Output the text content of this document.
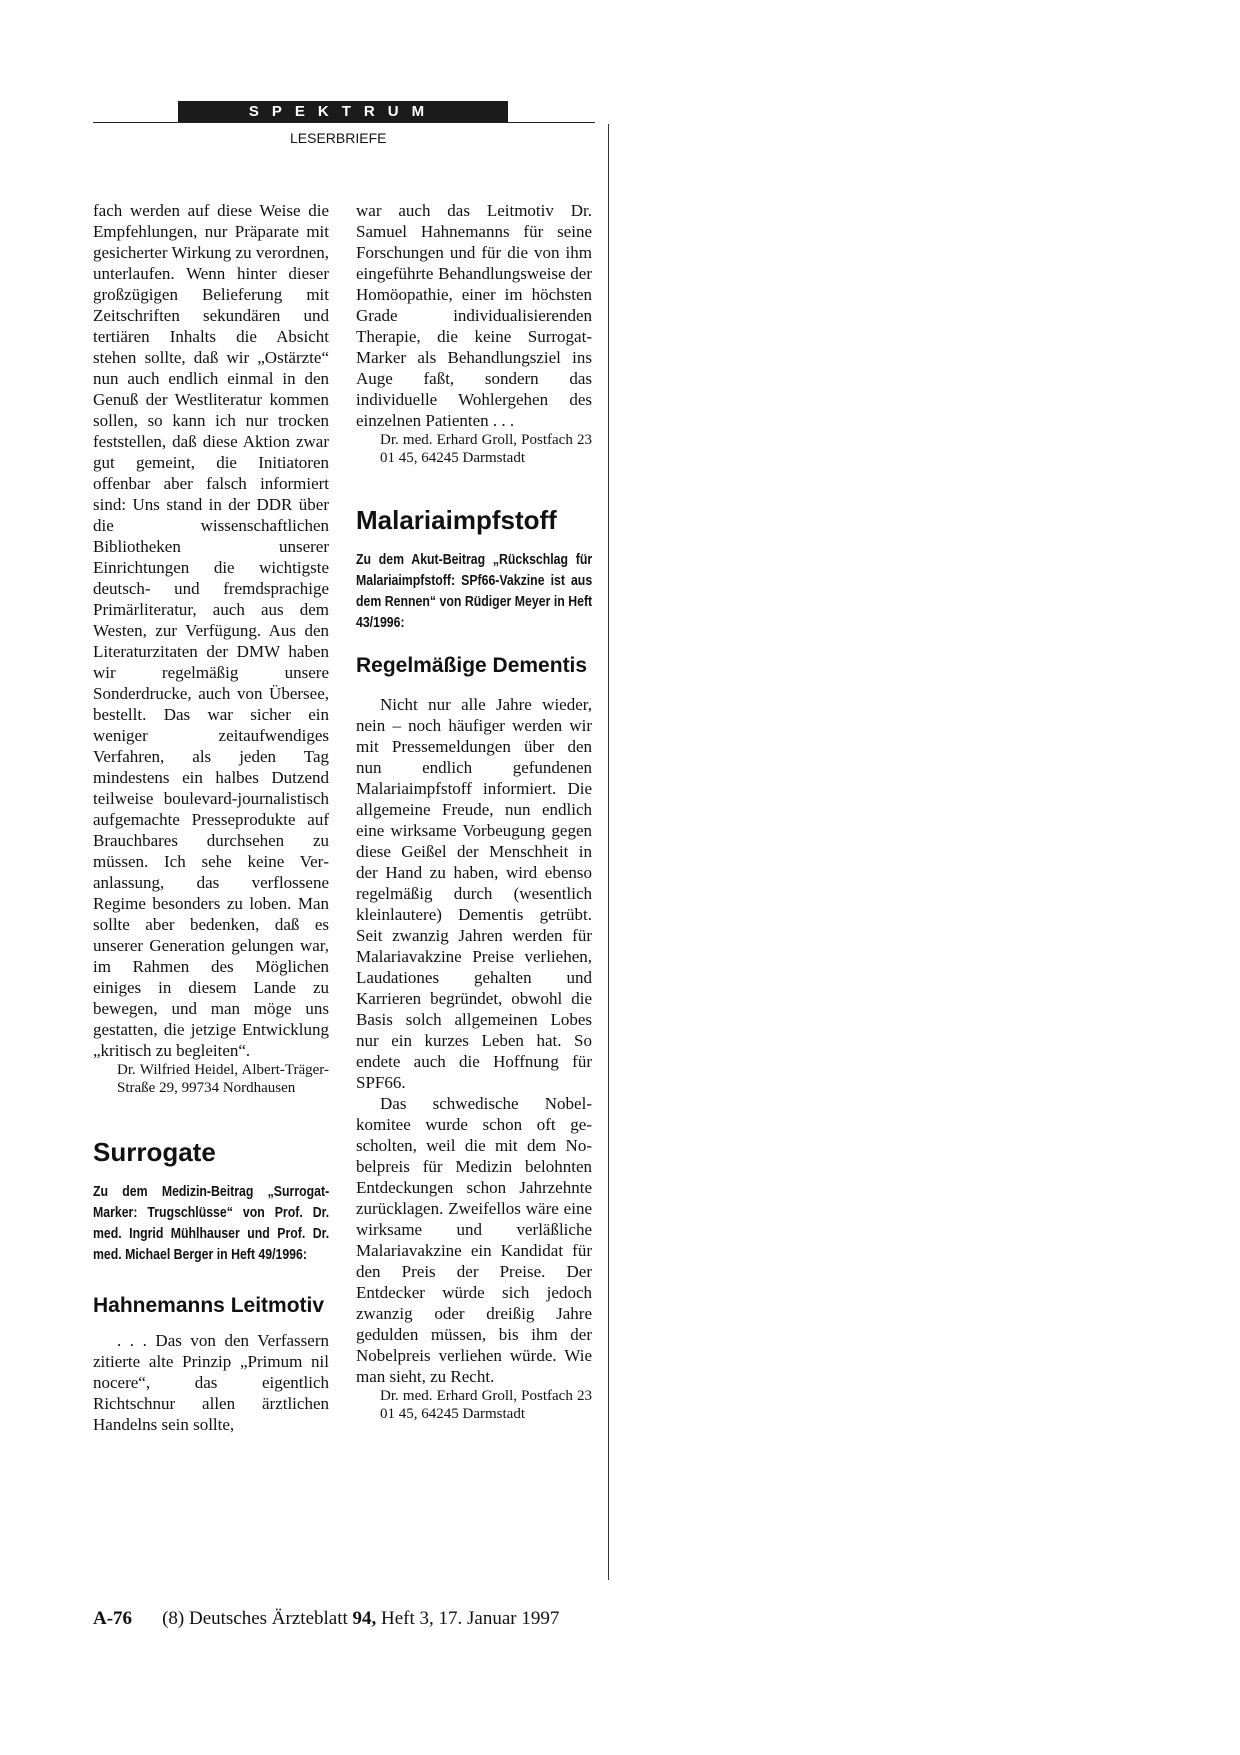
SPEKTRUM
LESERBRIEFE

fach werden auf diese Weise die Empfehlungen, nur Präparate mit gesicherter Wirkung zu verordnen, unterlaufen. Wenn hinter dieser großzügigen Belieferung mit Zeitschriften sekundären und tertiären Inhalts die Absicht stehen sollte, daß wir „Ostärzte“ nun auch endlich einmal in den Genuß der Westliteratur kommen sollen, so kann ich nur trocken feststellen, daß diese Aktion zwar gut gemeint, die Initiatoren offenbar aber falsch informiert sind: Uns stand in der DDR über die wissenschaftlichen Bibliotheken unserer Einrichtungen die wichtigste deutsch- und fremdsprachige Primärliteratur, auch aus dem Westen, zur Verfügung. Aus den Literaturzitaten der DMW haben wir regelmäßig unsere Sonderdrucke, auch von Übersee, bestellt. Das war sicher ein weniger zeitaufwendiges Verfahren, als jeden Tag mindestens ein halbes Dutzend teilweise boulevard-journalistisch aufgemachte Presseprodukte auf Brauchbares durchsehen zu müssen. Ich sehe keine Veranlassung, das verflossene Regime besonders zu loben. Man sollte aber bedenken, daß es unserer Generation gelungen war, im Rahmen des Möglichen einiges in diesem Lande zu bewegen, und man möge uns gestatten, die jetzige Entwicklung „kritisch zu begleiten“.

Dr. Wilfried Heidel, Albert-Träger-Straße 29, 99734 Nordhausen

Surrogate

Zu dem Medizin-Beitrag „Surrogat-Marker: Trugschlüsse“ von Prof. Dr. med. Ingrid Mühlhauser und Prof. Dr. med. Michael Berger in Heft 49/1996:

Hahnemanns Leitmotiv

. . . Das von den Verfassern zitierte alte Prinzip „Primum nil nocere“, das eigentlich Richtschnur allen ärztlichen Handelns sein sollte,

war auch das Leitmotiv Dr. Samuel Hahnemanns für seine Forschungen und für die von ihm eingeführte Behandlungsweise der Homöopathie, einer im höchsten Grade individualisierenden Therapie, die keine Surrogat-Marker als Behandlungsziel ins Auge faßt, sondern das individuelle Wohlergehen des einzelnen Patienten . . .

Dr. med. Erhard Groll, Postfach 23 01 45, 64245 Darmstadt

Malariaimpfstoff

Zu dem Akut-Beitrag „Rückschlag für Malariaimpfstoff: SPf66-Vakzine ist aus dem Rennen“ von Rüdiger Meyer in Heft 43/1996:

Regelmäßige Dementis

Nicht nur alle Jahre wieder, nein – noch häufiger werden wir mit Pressemeldungen über den nun endlich gefundenen Malariaimpfstoff informiert. Die allgemeine Freude, nun endlich eine wirksame Vorbeugung gegen diese Geißel der Menschheit in der Hand zu haben, wird ebenso regelmäßig durch (wesentlich kleinlautere) Dementis getrübt. Seit zwanzig Jahren werden für Malariavakzine Preise verliehen, Laudationes gehalten und Karrieren begründet, obwohl die Basis solch allgemeinen Lobes nur ein kurzes Leben hat. So endete auch die Hoffnung für SPF66.

Das schwedische Nobelkomitee wurde schon oft gescholten, weil die mit dem Nobelpreis für Medizin belohnten Entdeckungen schon Jahrzehnte zurücklagen. Zweifellos wäre eine wirksame und verläßliche Malariavakzine ein Kandidat für den Preis der Preise. Der Entdecker würde sich jedoch zwanzig oder dreißig Jahre gedulden müssen, bis ihm der Nobelpreis verliehen würde. Wie man sieht, zu Recht.

Dr. med. Erhard Groll, Postfach 23 01 45, 64245 Darmstadt

A-76 (8) Deutsches Ärzteblatt 94, Heft 3, 17. Januar 1997
